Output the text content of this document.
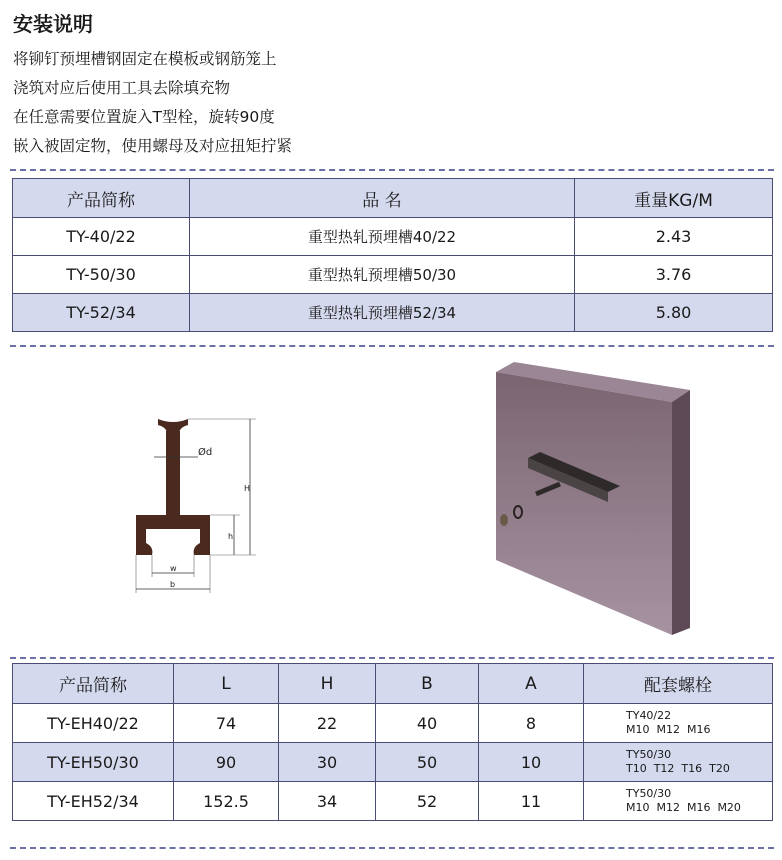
安装说明
将铆钉预埋槽钢固定在模板或钢筋笼上
浇筑对应后使用工具去除填充物
在任意需要位置旋入T型栓，旋转90度
嵌入被固定物，使用螺母及对应扭矩拧紧
产品简称	品 名	重量KG/M
TY-40/22	重型热轧预埋槽40/22	2.43
TY-50/30	重型热轧预埋槽50/30	3.76
TY-52/34	重型热轧预埋槽52/34	5.80
Ød
H
h
w
b
产品简称	L	H	B	A	配套螺栓
TY-EH40/22	74	22	40	8	TY40/22
M10  M12  M16

TY-EH50/30	90	30	50	10	TY50/30
T10  T12  T16  T20

TY-EH52/34	152.5	34	52	11	TY50/30
M10  M12  M16  M20
